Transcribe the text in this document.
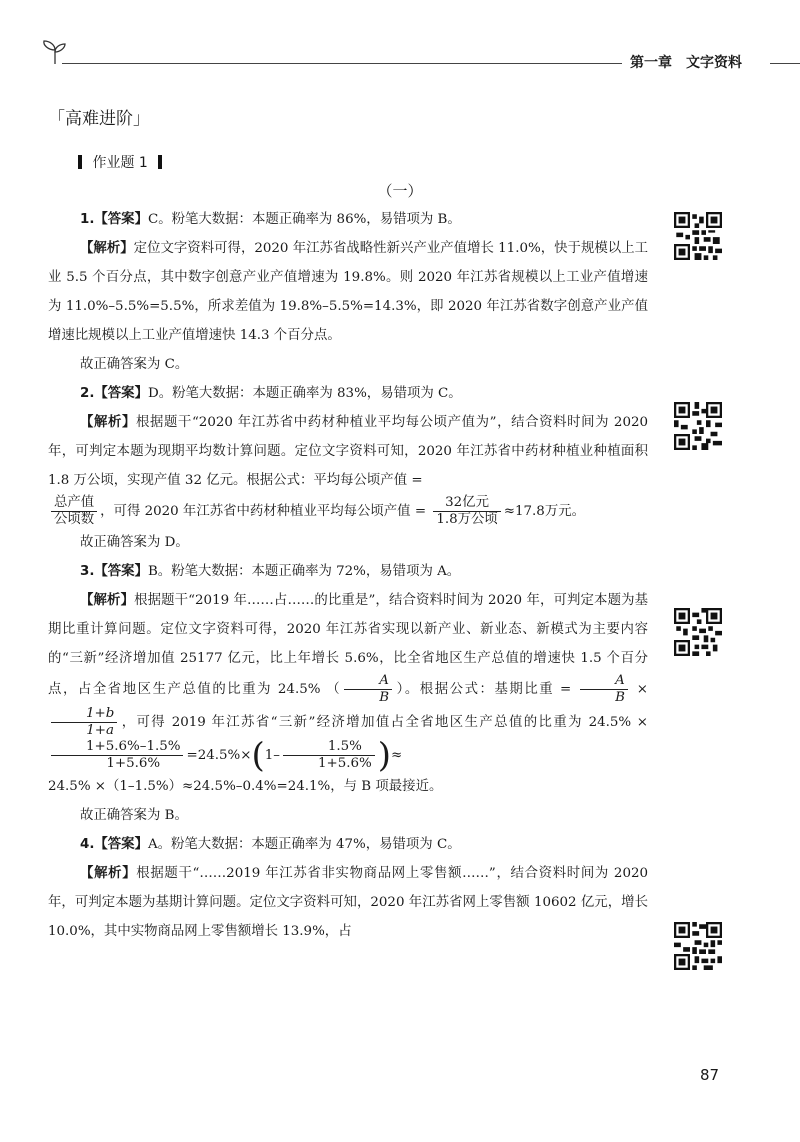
第一章　文字资料
「高难进阶」
作业题 1
（一）

1.【答案】C。粉笔大数据：本题正确率为 86%，易错项为 B。

【解析】定位文字资料可得，2020 年江苏省战略性新兴产业产值增长 11.0%，快于规模以上工业 5.5 个百分点，其中数字创意产业产值增速为 19.8%。则 2020 年江苏省规模以上工业产值增速为 11.0%–5.5%=5.5%，所求差值为 19.8%–5.5%=14.3%，即 2020 年江苏省数字创意产业产值增速比规模以上工业产值增速快 14.3 个百分点。

故正确答案为 C。

2.【答案】D。粉笔大数据：本题正确率为 83%，易错项为 C。

【解析】根据题干“2020 年江苏省中药材种植业平均每公顷产值为”，结合资料时间为 2020 年，可判定本题为现期平均数计算问题。定位文字资料可知，2020 年江苏省中药材种植业种植面积 1.8 万公顷，实现产值 32 亿元。根据公式：平均每公顷产值 =

$\frac{\text{总产值}}{\text{公顷数}}$ ，可得 2020 年江苏省中药材种植业平均每公顷产值 = $\frac{\text{32亿元}}{\text{1.8万公顷}} \approx 17.8$万元。

故正确答案为 D。

3.【答案】B。粉笔大数据：本题正确率为 72%，易错项为 A。

【解析】根据题干“2019 年……占……的比重是”，结合资料时间为 2020 年，可判定本题为基期比重计算问题。定位文字资料可得，2020 年江苏省实现以新产业、新业态、新模式为主要内容的“三新”经济增加值 25177 亿元，比上年增长 5.6%，比全省地区生产总值的增速快 1.5 个百分点，占全省地区生产总值的比重为 24.5% （ $\frac{A}{B}$ ）。根据公式：基期比重 = $\frac{A}{B}$ ×
$\frac{1+b}{1+a}$ ，可得 2019 年江苏省“三新”经济增加值占全省地区生产总值的比重为 24.5% ×
$\frac{1+5.6\%-1.5\%}{1+5.6\%} =24.5\%\times(1- \frac{1.5\%}{1+5.6\%}$ )≈

24.5% ×（1–1.5%）≈24.5%–0.4%=24.1%，与 B 项最接近。

故正确答案为 B。

4.【答案】A。粉笔大数据：本题正确率为 47%，易错项为 C。

【解析】根据题干“……2019 年江苏省非实物商品网上零售额……”，结合资料时间为 2020 年，可判定本题为基期计算问题。定位文字资料可知，2020 年江苏省网上零售额 10602 亿元，增长 10.0%，其中实物商品网上零售额增长 13.9%，占

87
